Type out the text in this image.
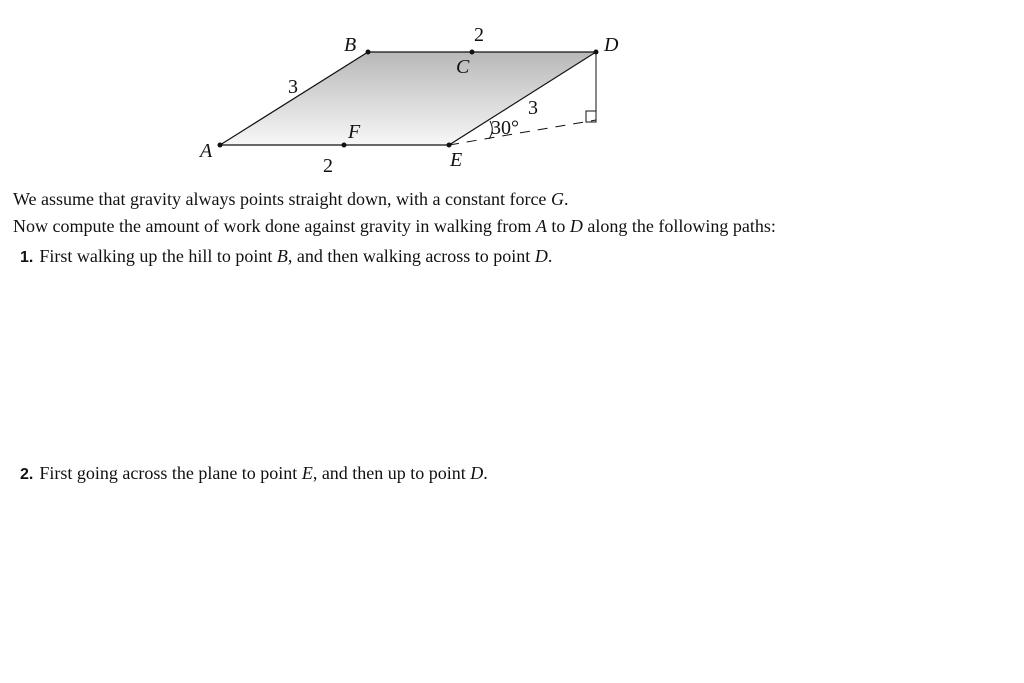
A
B
C
D
E
F
3
2
2
3
30°
We assume that gravity always points straight down, with a constant force G.
Now compute the amount of work done against gravity in walking from A to D along the following paths:
1. First walking up the hill to point B, and then walking across to point D.
2. First going across the plane to point E, and then up to point D.
